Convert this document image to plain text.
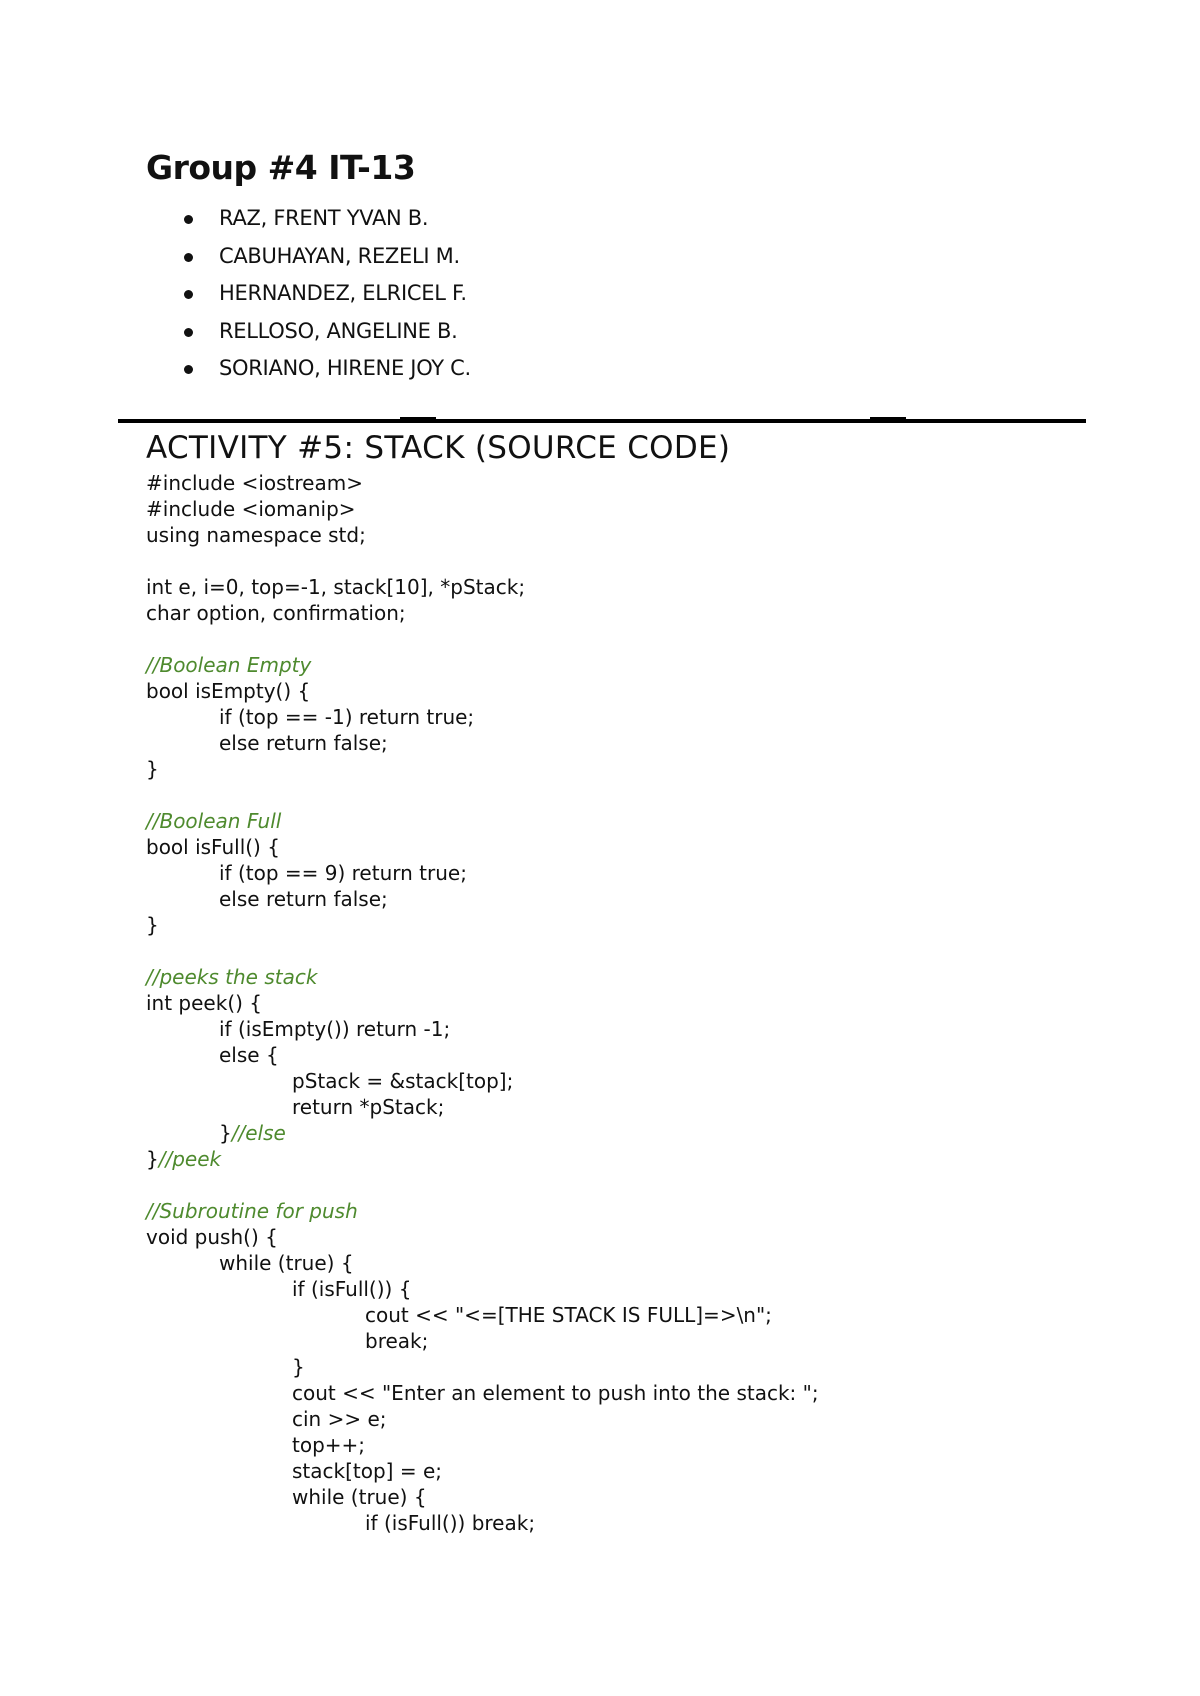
Group #4 IT-13
RAZ, FRENT YVAN B.
CABUHAYAN, REZELI M.
HERNANDEZ, ELRICEL F.
RELLOSO, ANGELINE B.
SORIANO, HIRENE JOY C.
ACTIVITY #5: STACK (SOURCE CODE)
#include <iostream>
#include <iomanip>
using namespace std;
int e, i=0, top=-1, stack[10], *pStack;
char option, confirmation;
//Boolean Empty
bool isEmpty() {
if (top == -1) return true;
else return false;
}
//Boolean Full
bool isFull() {
if (top == 9) return true;
else return false;
}
//peeks the stack
int peek() {
if (isEmpty()) return -1;
else {
pStack = &stack[top];
return *pStack;
}//else
}//peek
//Subroutine for push
void push() {
while (true) {
if (isFull()) {
cout << "<=[THE STACK IS FULL]=>\n";
break;
}
cout << "Enter an element to push into the stack: ";
cin >> e;
top++;
stack[top] = e;
while (true) {
if (isFull()) break;
